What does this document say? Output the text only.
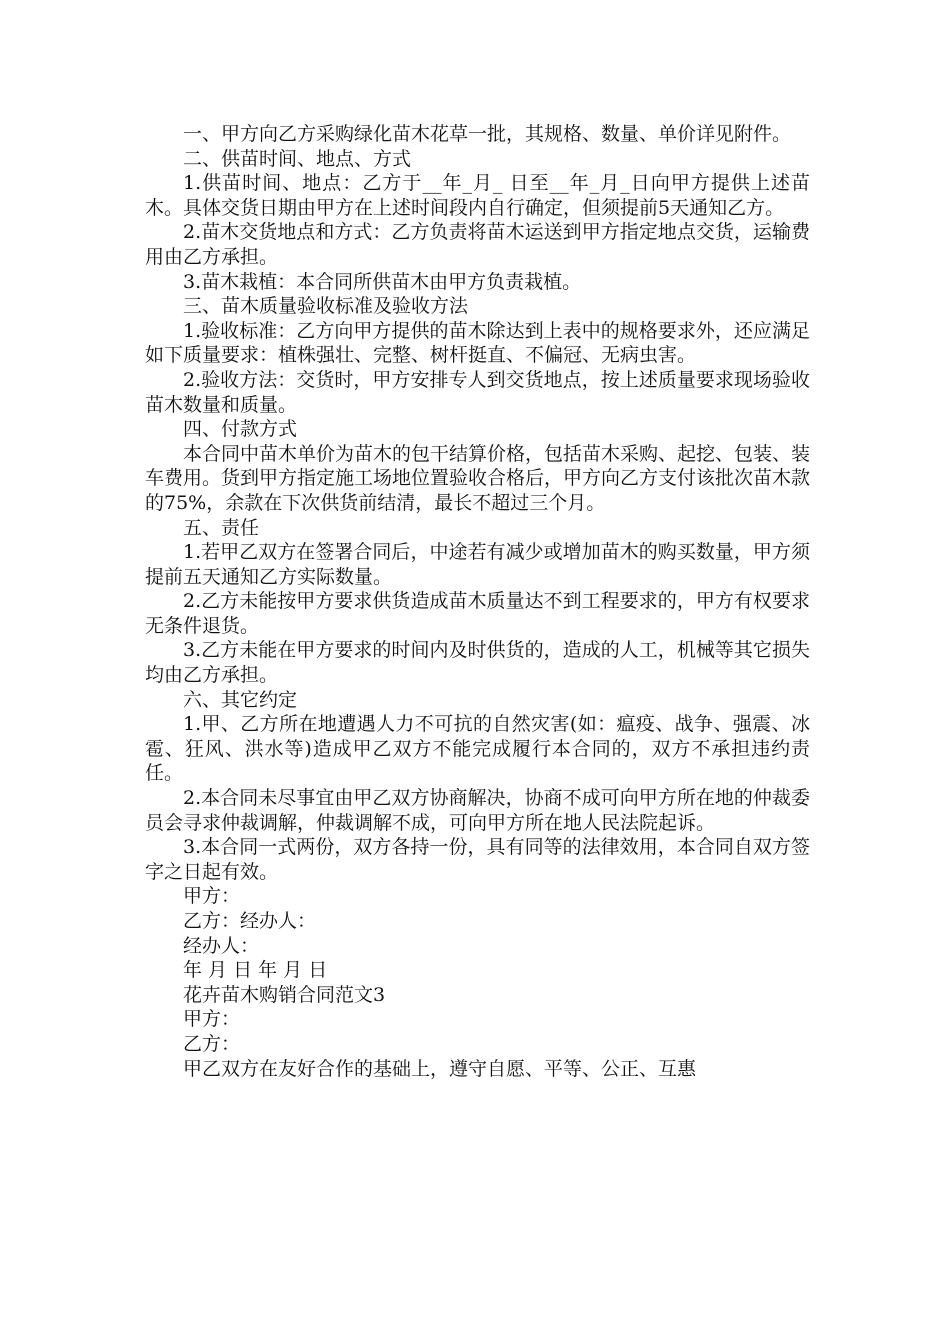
一、甲方向乙方采购绿化苗木花草一批，其规格、数量、单价详见附件。

二、供苗时间、地点、方式

1.供苗时间、地点：乙方于__年_月_ 日至__年_月_日向甲方提供上述苗木。具体交货日期由甲方在上述时间段内自行确定，但须提前5天通知乙方。

2.苗木交货地点和方式：乙方负责将苗木运送到甲方指定地点交货，运输费用由乙方承担。

3.苗木栽植：本合同所供苗木由甲方负责栽植。

三、苗木质量验收标准及验收方法

1.验收标准：乙方向甲方提供的苗木除达到上表中的规格要求外，还应满足如下质量要求：植株强壮、完整、树杆挺直、不偏冠、无病虫害。

2.验收方法：交货时，甲方安排专人到交货地点，按上述质量要求现场验收苗木数量和质量。

四、付款方式

本合同中苗木单价为苗木的包干结算价格，包括苗木采购、起挖、包装、装车费用。货到甲方指定施工场地位置验收合格后，甲方向乙方支付该批次苗木款的75%，余款在下次供货前结清，最长不超过三个月。

五、责任

1.若甲乙双方在签署合同后，中途若有减少或增加苗木的购买数量，甲方须提前五天通知乙方实际数量。

2.乙方未能按甲方要求供货造成苗木质量达不到工程要求的，甲方有权要求无条件退货。

3.乙方未能在甲方要求的时间内及时供货的，造成的人工，机械等其它损失均由乙方承担。

六、其它约定

1.甲、乙方所在地遭遇人力不可抗的自然灾害(如：瘟疫、战争、强震、冰雹、狂风、洪水等)造成甲乙双方不能完成履行本合同的，双方不承担违约责任。

2.本合同未尽事宜由甲乙双方协商解决，协商不成可向甲方所在地的仲裁委员会寻求仲裁调解，仲裁调解不成，可向甲方所在地人民法院起诉。

3.本合同一式两份，双方各持一份，具有同等的法律效用，本合同自双方签字之日起有效。

甲方：

乙方：经办人：

经办人：

年 月 日 年 月 日

花卉苗木购销合同范文3

甲方：

乙方：

甲乙双方在友好合作的基础上，遵守自愿、平等、公正、互惠
